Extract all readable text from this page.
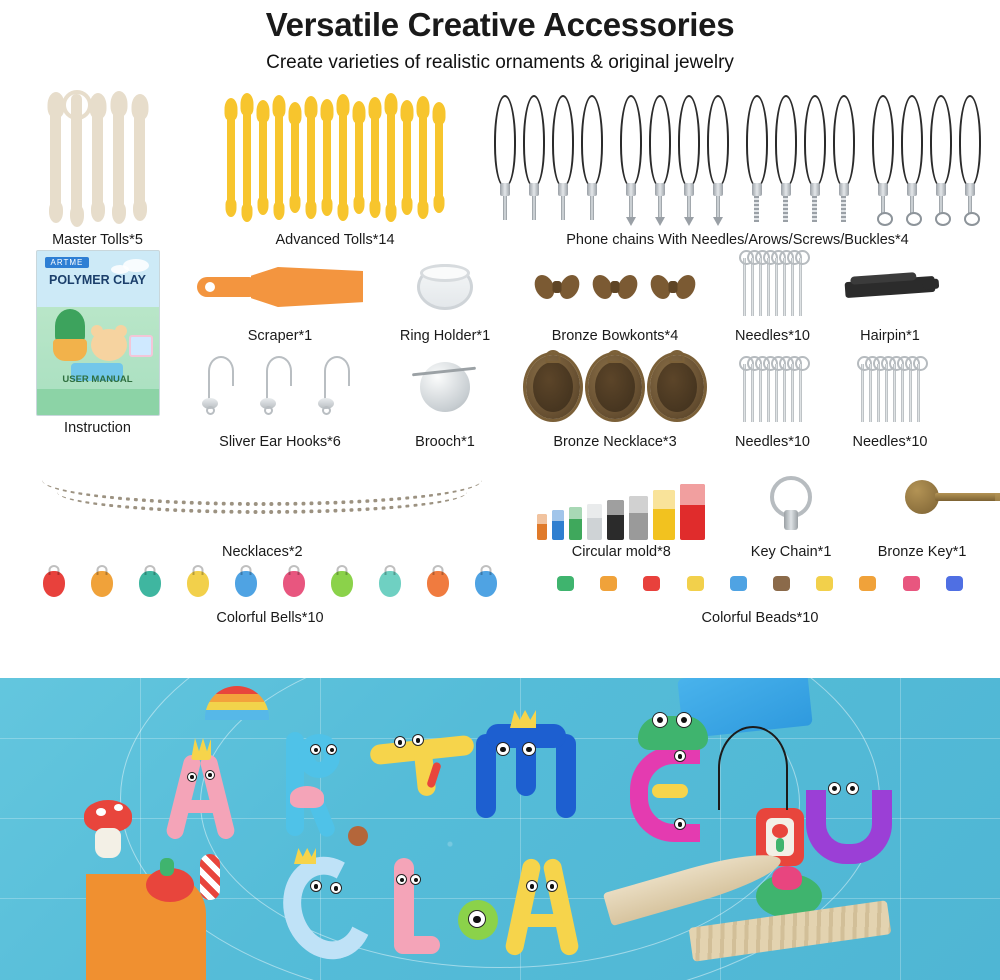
Versatile Creative Accessories
Create varieties of realistic ornaments & original jewelry
Master Tolls*5	Advanced Tolls*14	Phone chains With Needles/Arows/Screws/Buckles*4
ARTME
POLYMER CLAY
USER MANUAL
Instruction
Scraper*1	Ring Holder*1	Bronze Bowkonts*4	Needles*10	Hairpin*1
Sliver Ear Hooks*6	Brooch*1	Bronze Necklace*3	Needles*10	Needles*10
Necklaces*2	Circular mold*8	Key Chain*1	Bronze Key*1
Colorful Bells*10	Colorful Beads*10
